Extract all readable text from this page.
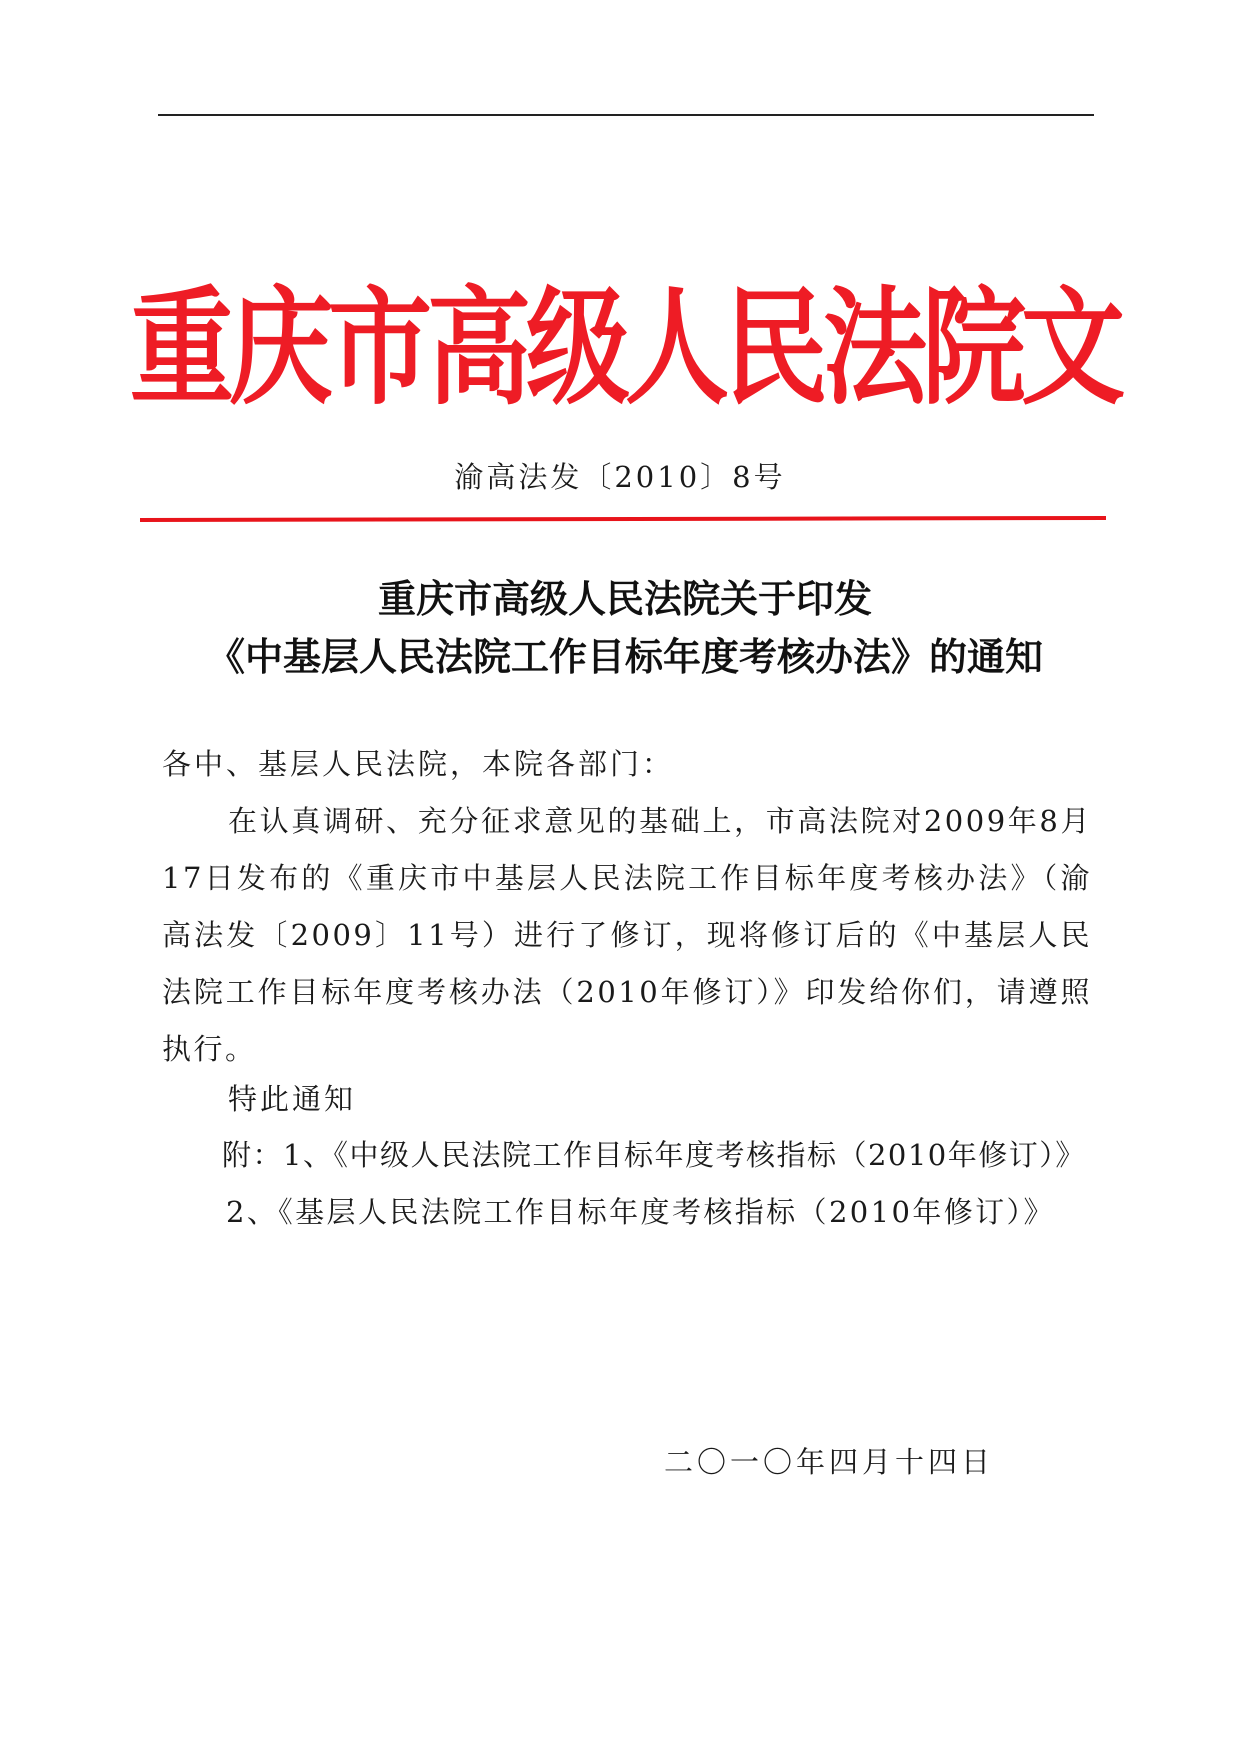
重庆市高级人民法院文
渝高法发〔2010〕8号
重庆市高级人民法院关于印发
《中基层人民法院工作目标年度考核办法》的通知
各中、基层人民法院，本院各部门：
在认真调研、充分征求意见的基础上，市高法院对2009年8月17日发布的《重庆市中基层人民法院工作目标年度考核办法》（渝高法发〔2009〕11号）进行了修订，现将修订后的《中基层人民法院工作目标年度考核办法（2010年修订）》印发给你们，请遵照执行。
特此通知
附：1、《中级人民法院工作目标年度考核指标（2010年修订）》
2、《基层人民法院工作目标年度考核指标（2010年修订）》
二〇一〇年四月十四日
